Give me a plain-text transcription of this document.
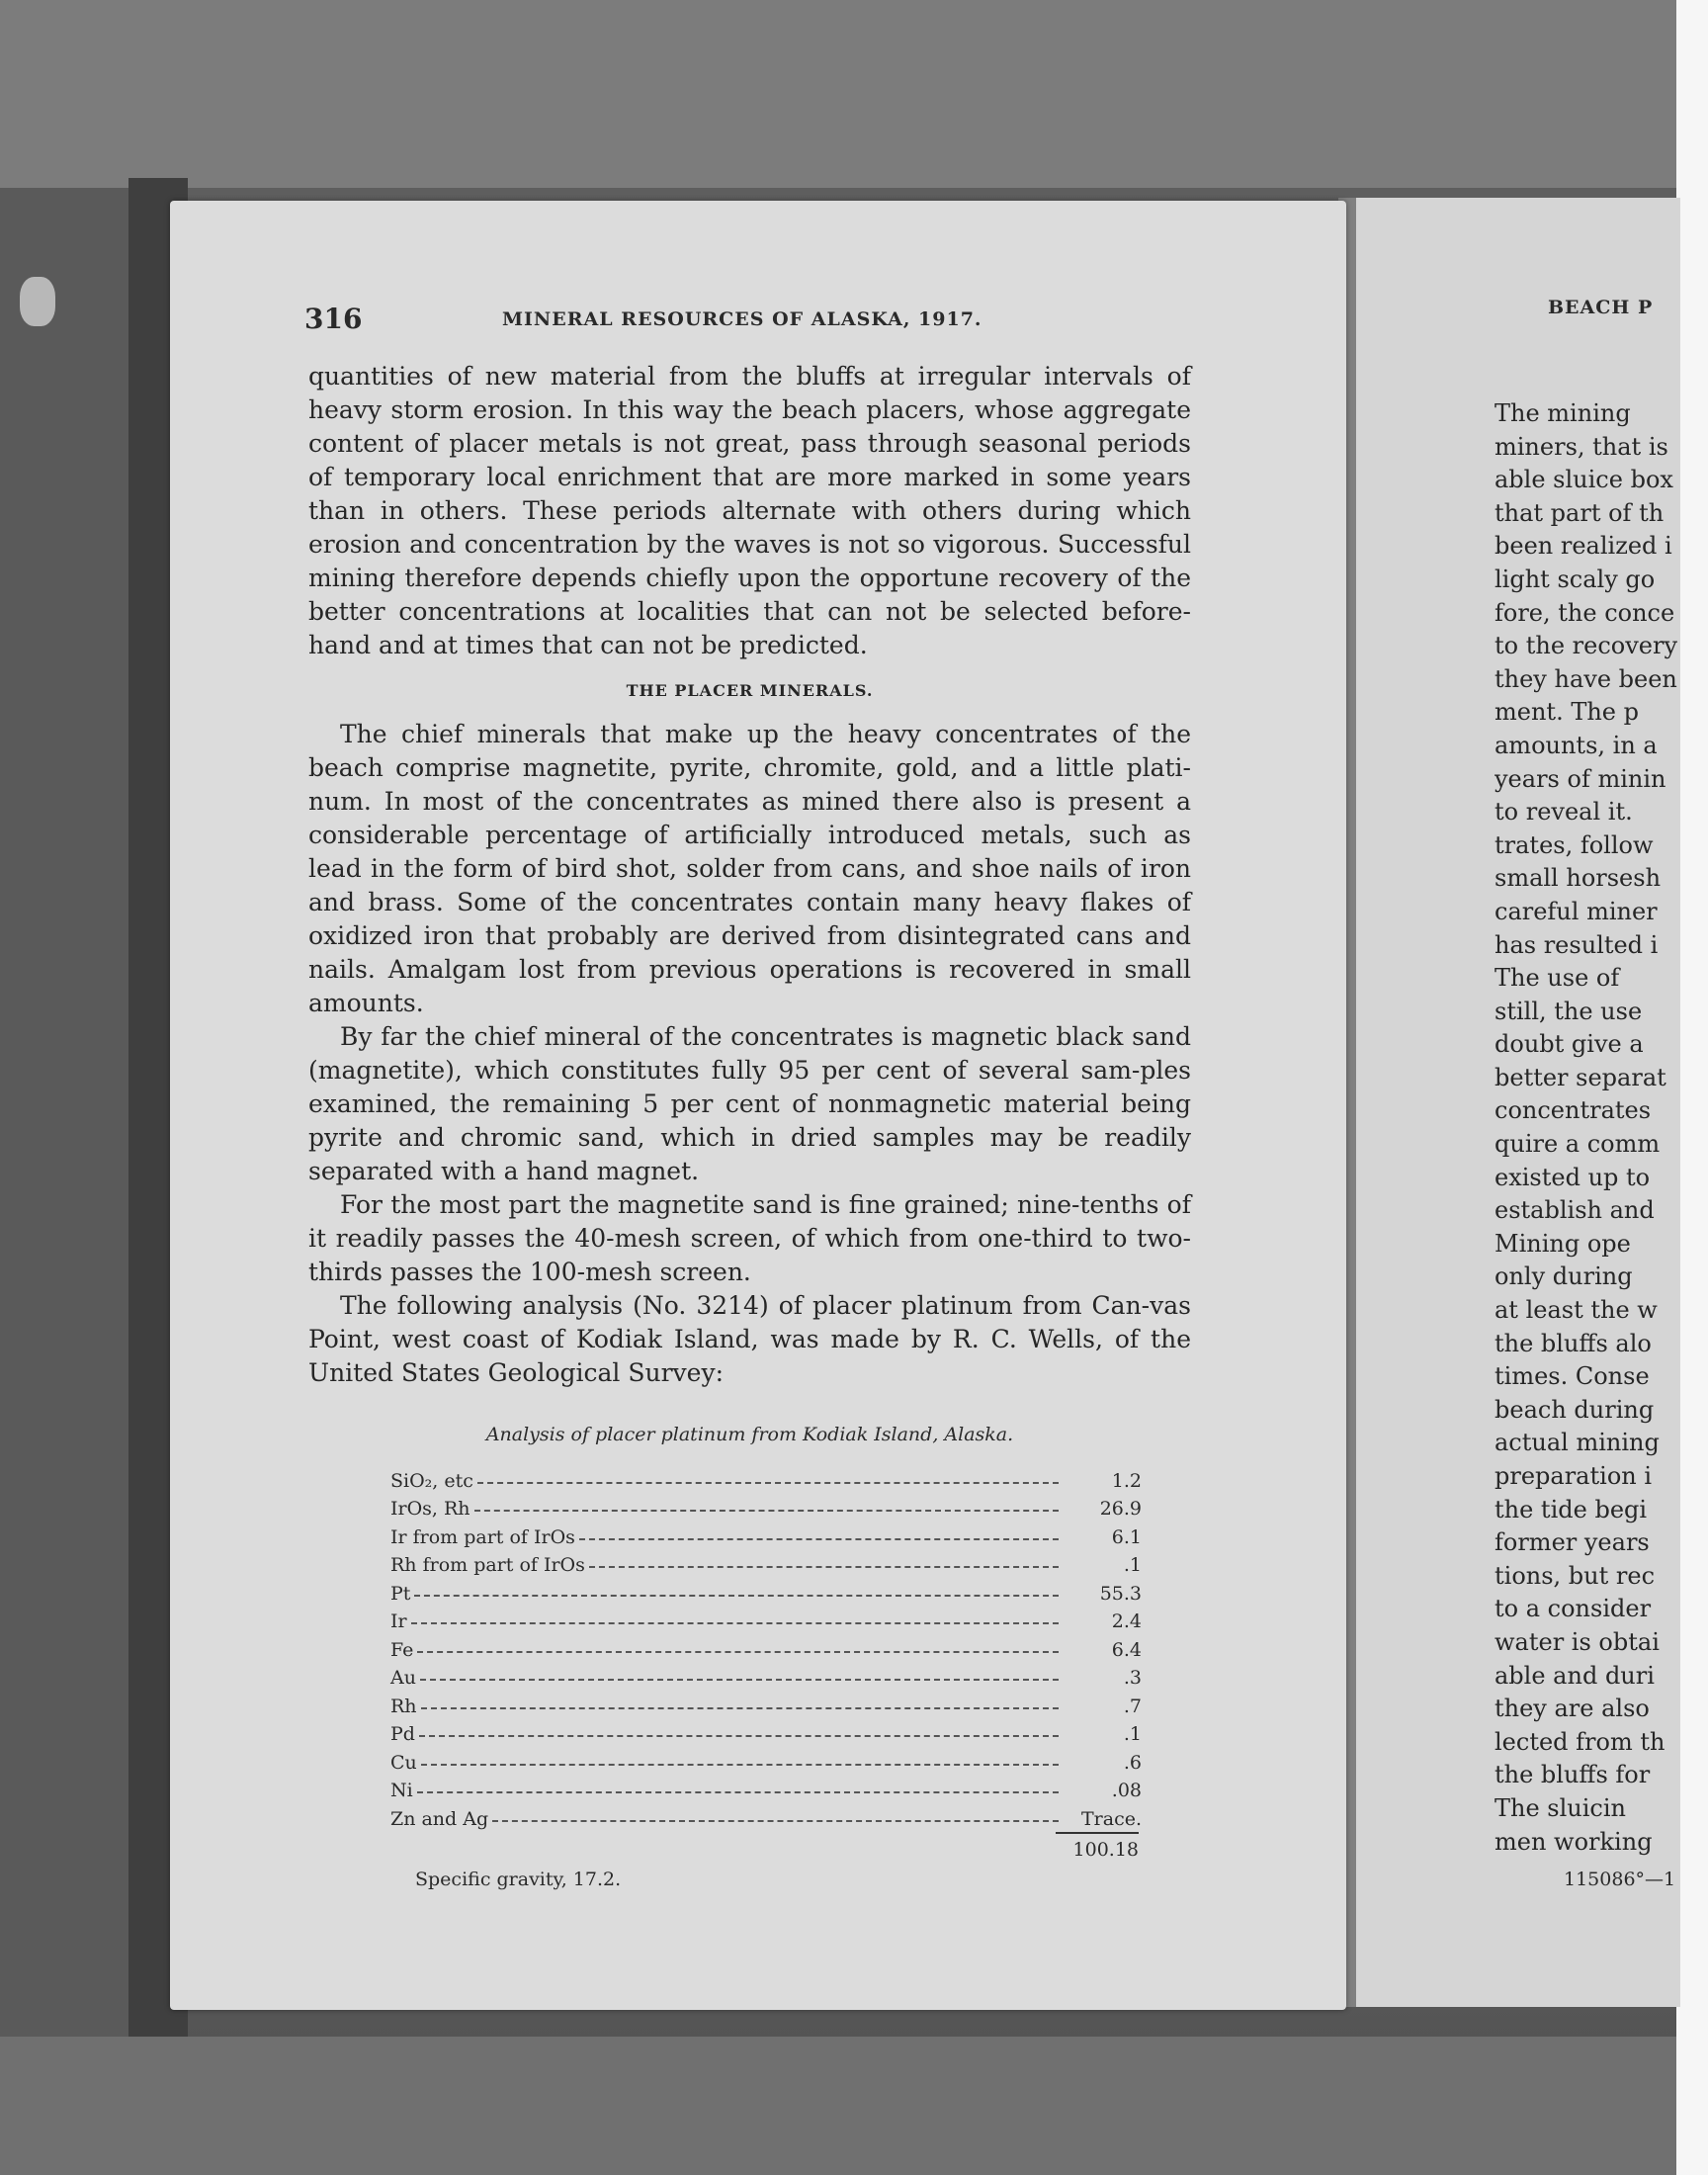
316	MINERAL RESOURCES OF ALASKA, 1917.

quantities of new material from the bluffs at irregular intervals of heavy storm erosion. In this way the beach placers, whose aggregate content of placer metals is not great, pass through seasonal periods of temporary local enrichment that are more marked in some years than in others. These periods alternate with others during which erosion and concentration by the waves is not so vigorous. Successful mining therefore depends chiefly upon the opportune recovery of the better concentrations at localities that can not be selected before-hand and at times that can not be predicted.

THE PLACER MINERALS.

The chief minerals that make up the heavy concentrates of the beach comprise magnetite, pyrite, chromite, gold, and a little plati-num. In most of the concentrates as mined there also is present a considerable percentage of artificially introduced metals, such as lead in the form of bird shot, solder from cans, and shoe nails of iron and brass. Some of the concentrates contain many heavy flakes of oxidized iron that probably are derived from disintegrated cans and nails. Amalgam lost from previous operations is recovered in small amounts.

By far the chief mineral of the concentrates is magnetic black sand (magnetite), which constitutes fully 95 per cent of several sam-ples examined, the remaining 5 per cent of nonmagnetic material being pyrite and chromic sand, which in dried samples may be readily separated with a hand magnet.

For the most part the magnetite sand is fine grained; nine-tenths of it readily passes the 40-mesh screen, of which from one-third to two-thirds passes the 100-mesh screen.

The following analysis (No. 3214) of placer platinum from Can-vas Point, west coast of Kodiak Island, was made by R. C. Wells, of the United States Geological Survey:

Analysis of placer platinum from Kodiak Island, Alaska.
SiO₂, etc	1.2
IrOs, Rh	26.9
Ir from part of IrOs	6.1
Rh from part of IrOs	.1
Pt	55.3
Ir	2.4
Fe	6.4
Au	.3
Rh	.7
Pd	.1
Cu	.6
Ni	.08
Zn and Ag	Trace.
100.18
Specific gravity, 17.2.
BEACH P
The mining
miners, that is
able sluice box
that part of th
been realized i
light scaly go
fore, the conce
to the recovery
they have been
ment. The p
amounts, in a
years of minin
to reveal it.
trates, follow
small horsesh
careful miner
has resulted i
The use of
still, the use
doubt give a
better separat
concentrates
quire a comm
existed up to
establish and
Mining ope
only during
at least the w
the bluffs alo
times. Conse
beach during
actual mining
preparation i
the tide begi
former years
tions, but rec
to a consider
water is obtai
able and duri
they are also
lected from th
the bluffs for
The sluicin
men working
115086°—1
